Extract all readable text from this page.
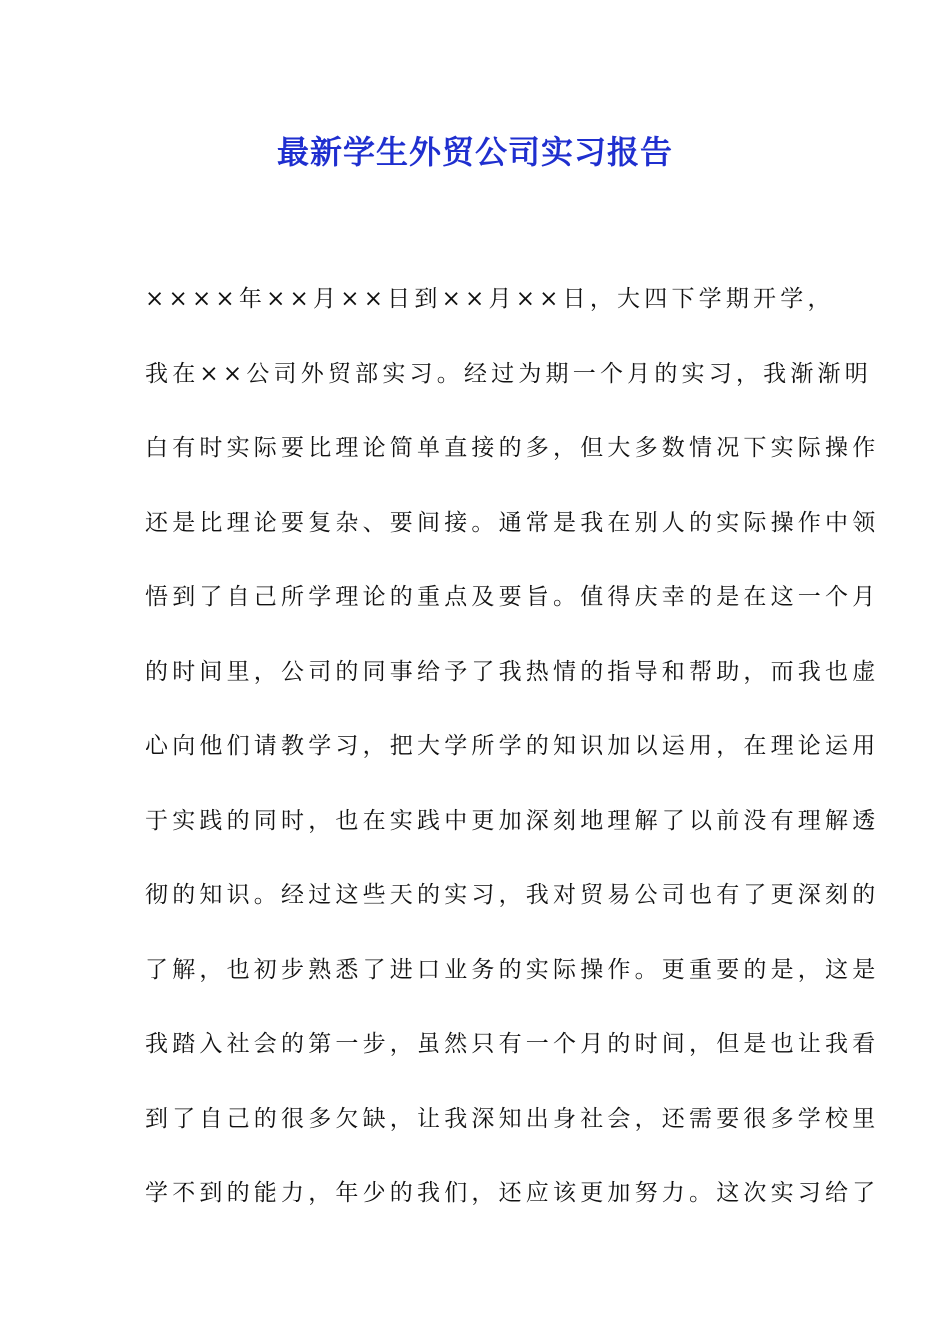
最新学生外贸公司实习报告
××××年××月××日到××月××日，大四下学期开学，
我在××公司外贸部实习。经过为期一个月的实习，我渐渐明
白有时实际要比理论简单直接的多，但大多数情况下实际操作
还是比理论要复杂、要间接。通常是我在别人的实际操作中领
悟到了自己所学理论的重点及要旨。值得庆幸的是在这一个月
的时间里，公司的同事给予了我热情的指导和帮助，而我也虚
心向他们请教学习，把大学所学的知识加以运用，在理论运用
于实践的同时，也在实践中更加深刻地理解了以前没有理解透
彻的知识。经过这些天的实习，我对贸易公司也有了更深刻的
了解，也初步熟悉了进口业务的实际操作。更重要的是，这是
我踏入社会的第一步，虽然只有一个月的时间，但是也让我看
到了自己的很多欠缺，让我深知出身社会，还需要很多学校里
学不到的能力，年少的我们，还应该更加努力。这次实习给了
